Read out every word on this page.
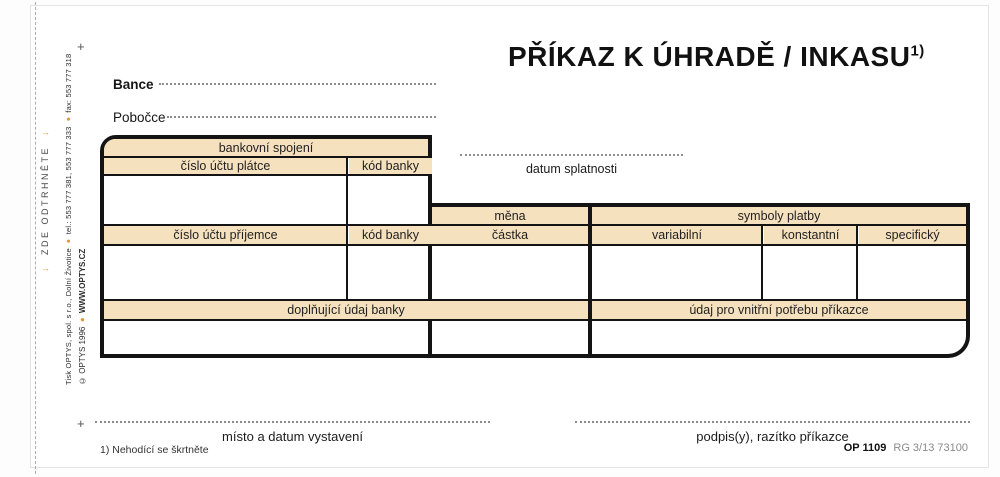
↓

ZDE ODTRHNĚTE

↓
Tisk OPTYS, spol. s r.o., Dolní Životice ● tel.: 553 777 381, 553 777 333 ● fax: 553 777 318
© OPTYS 1996 ● WWW.OPTYS.CZ
+
+
PŘÍKAZ K ÚHRADĚ / INKASU$^{1)}$
Bance
Pobočce
datum splatnosti
bankovní spojení
číslo účtu plátce	kód banky
měna	symboly platby
číslo účtu příjemce	kód banky	částka	variabilní	konstantní	specifický
doplňující údaj banky	údaj pro vnitřní potřebu příkazce
místo a datum vystavení	podpis(y), razítko příkazce
1) Nehodící se škrtněte	OP 1109 RG 3/13 73100
